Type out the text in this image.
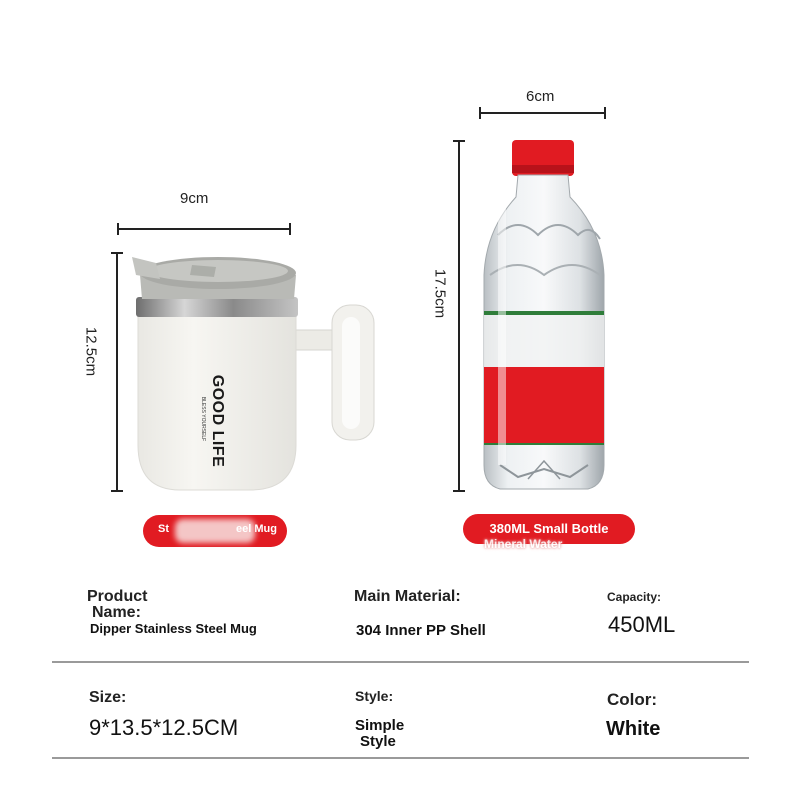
9cm
12.5cm
GOOD LIFE
BLESS YOURSELF
St	eel Mug
6cm
17.5cm
380ML Small Bottle
Mineral Water
Product
Name:
Dipper Stainless Steel Mug
Main Material:
304 Inner PP Shell
Capacity:
450ML
Size:
9*13.5*12.5CM
Style:
Simple
Style
Color:
White
